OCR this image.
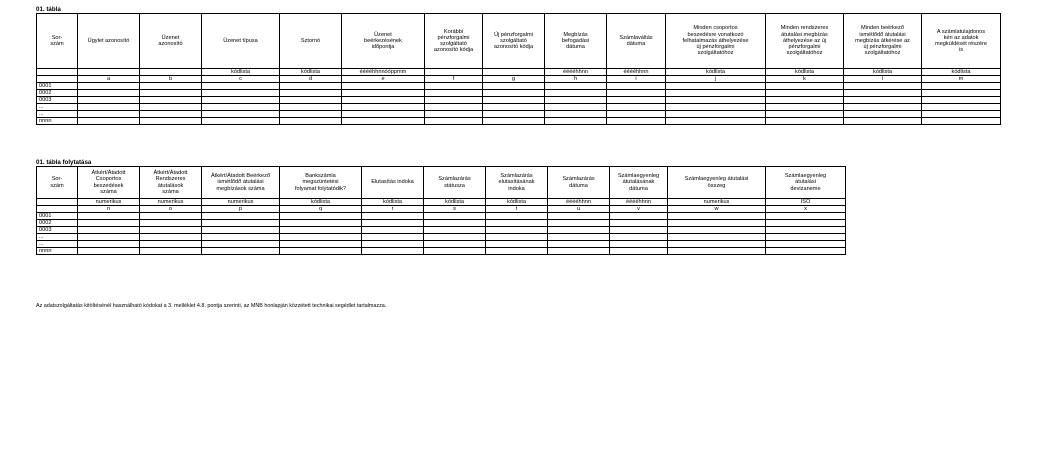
01. tábla
Sor-
szám	Ügylet azonosító	Üzenet
azonosító	Üzenet típusa	Sztornó	Üzenet
beérkezésének
időpontja	Korábbi
pénzforgalmi
szolgáltató
azonosító kódja	Új pénzforgalmi
szolgáltató
azonosító kódja	Megbízás
befogadási
dátuma	Számlaváltás
dátuma	Minden csoportos
beszedésre vonatkozó
felhatalmazás áthelyezése
új pénzforgalmi
szolgáltatóhoz	Minden rendszeres
átutalási megbízás
áthelyezése az új
pénzforgalmi
szolgáltatóhoz	Minden beérkező
ismétlődő átutalási
megbízás átkérése az
új pénzforgalmi
szolgáltatóhoz	A számlatulajdonos
kéri az adatok
megküldését részére
is
			kódlista	kódlista	ééééhhnnóóppmm			ééééhhnn	ééééhhnn	kódlista	kódlista	kódlista	kódlista
	a	b	c	d	e	f	g	h	i	j	k	l	m
0001													
0002													
0003													
...													
...													
nnnn													
01. tábla folytatása
Sor-
szám	Átkért/Átadott
Csoportos
beszedések
száma	Átkért/Átadott
Rendszeres
átutalások
száma	Átkért/Átadott Beérkező
ismétlődő átutalási
megbízások száma	Bankszámla
megszüntetési
folyamat folytatódik?	Elutasítás indoka	Számlazárás
státusza	Számlazárás
elutasításának
indoka	Számlazárás
dátuma	Számlaegyenleg
átutalásának
dátuma	Számlaegyenleg átutalási
összeg	Számlaegyenleg
átutalási
devizaneme
	numerikus	numerikus	numerikus	kódlista	kódlista	kódlista	kódlista	ééééhhnn	ééééhhnn	numerikus	ISO
	n	o	p	q	r	s	t	u	v	w	x
0001											
0002											
0003											
...											
...											
nnnn											
Az adatszolgáltatás kitöltésénél használható kódokat a 3. melléklet 4.8. pontja szerinti, az MNB honlapján közzétett technikai segédlet tartalmazza.
